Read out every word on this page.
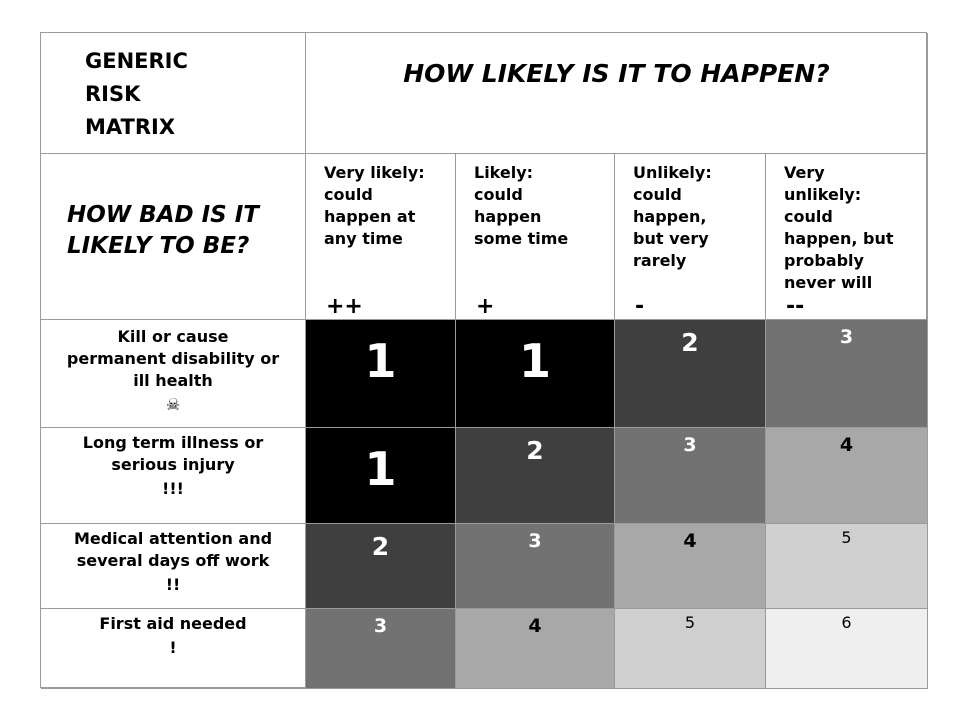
GENERIC
RISK
MATRIX
HOW LIKELY IS IT TO HAPPEN?
HOW BAD IS IT
LIKELY TO BE?
Very likely:
could
happen at
any time
++
Likely:
could
happen
some time
+
Unlikely:
could
happen,
but very
rarely
-
Very
unlikely:
could
happen, but
probably
never will
--
Kill or cause
permanent disability or
ill health
☠
1	1	2	3
Long term illness or
serious injury
!!!	1	2	3	4
Medical attention and
several days off work
!!
2	3	4	5
First aid needed
!
3	4	5	6
